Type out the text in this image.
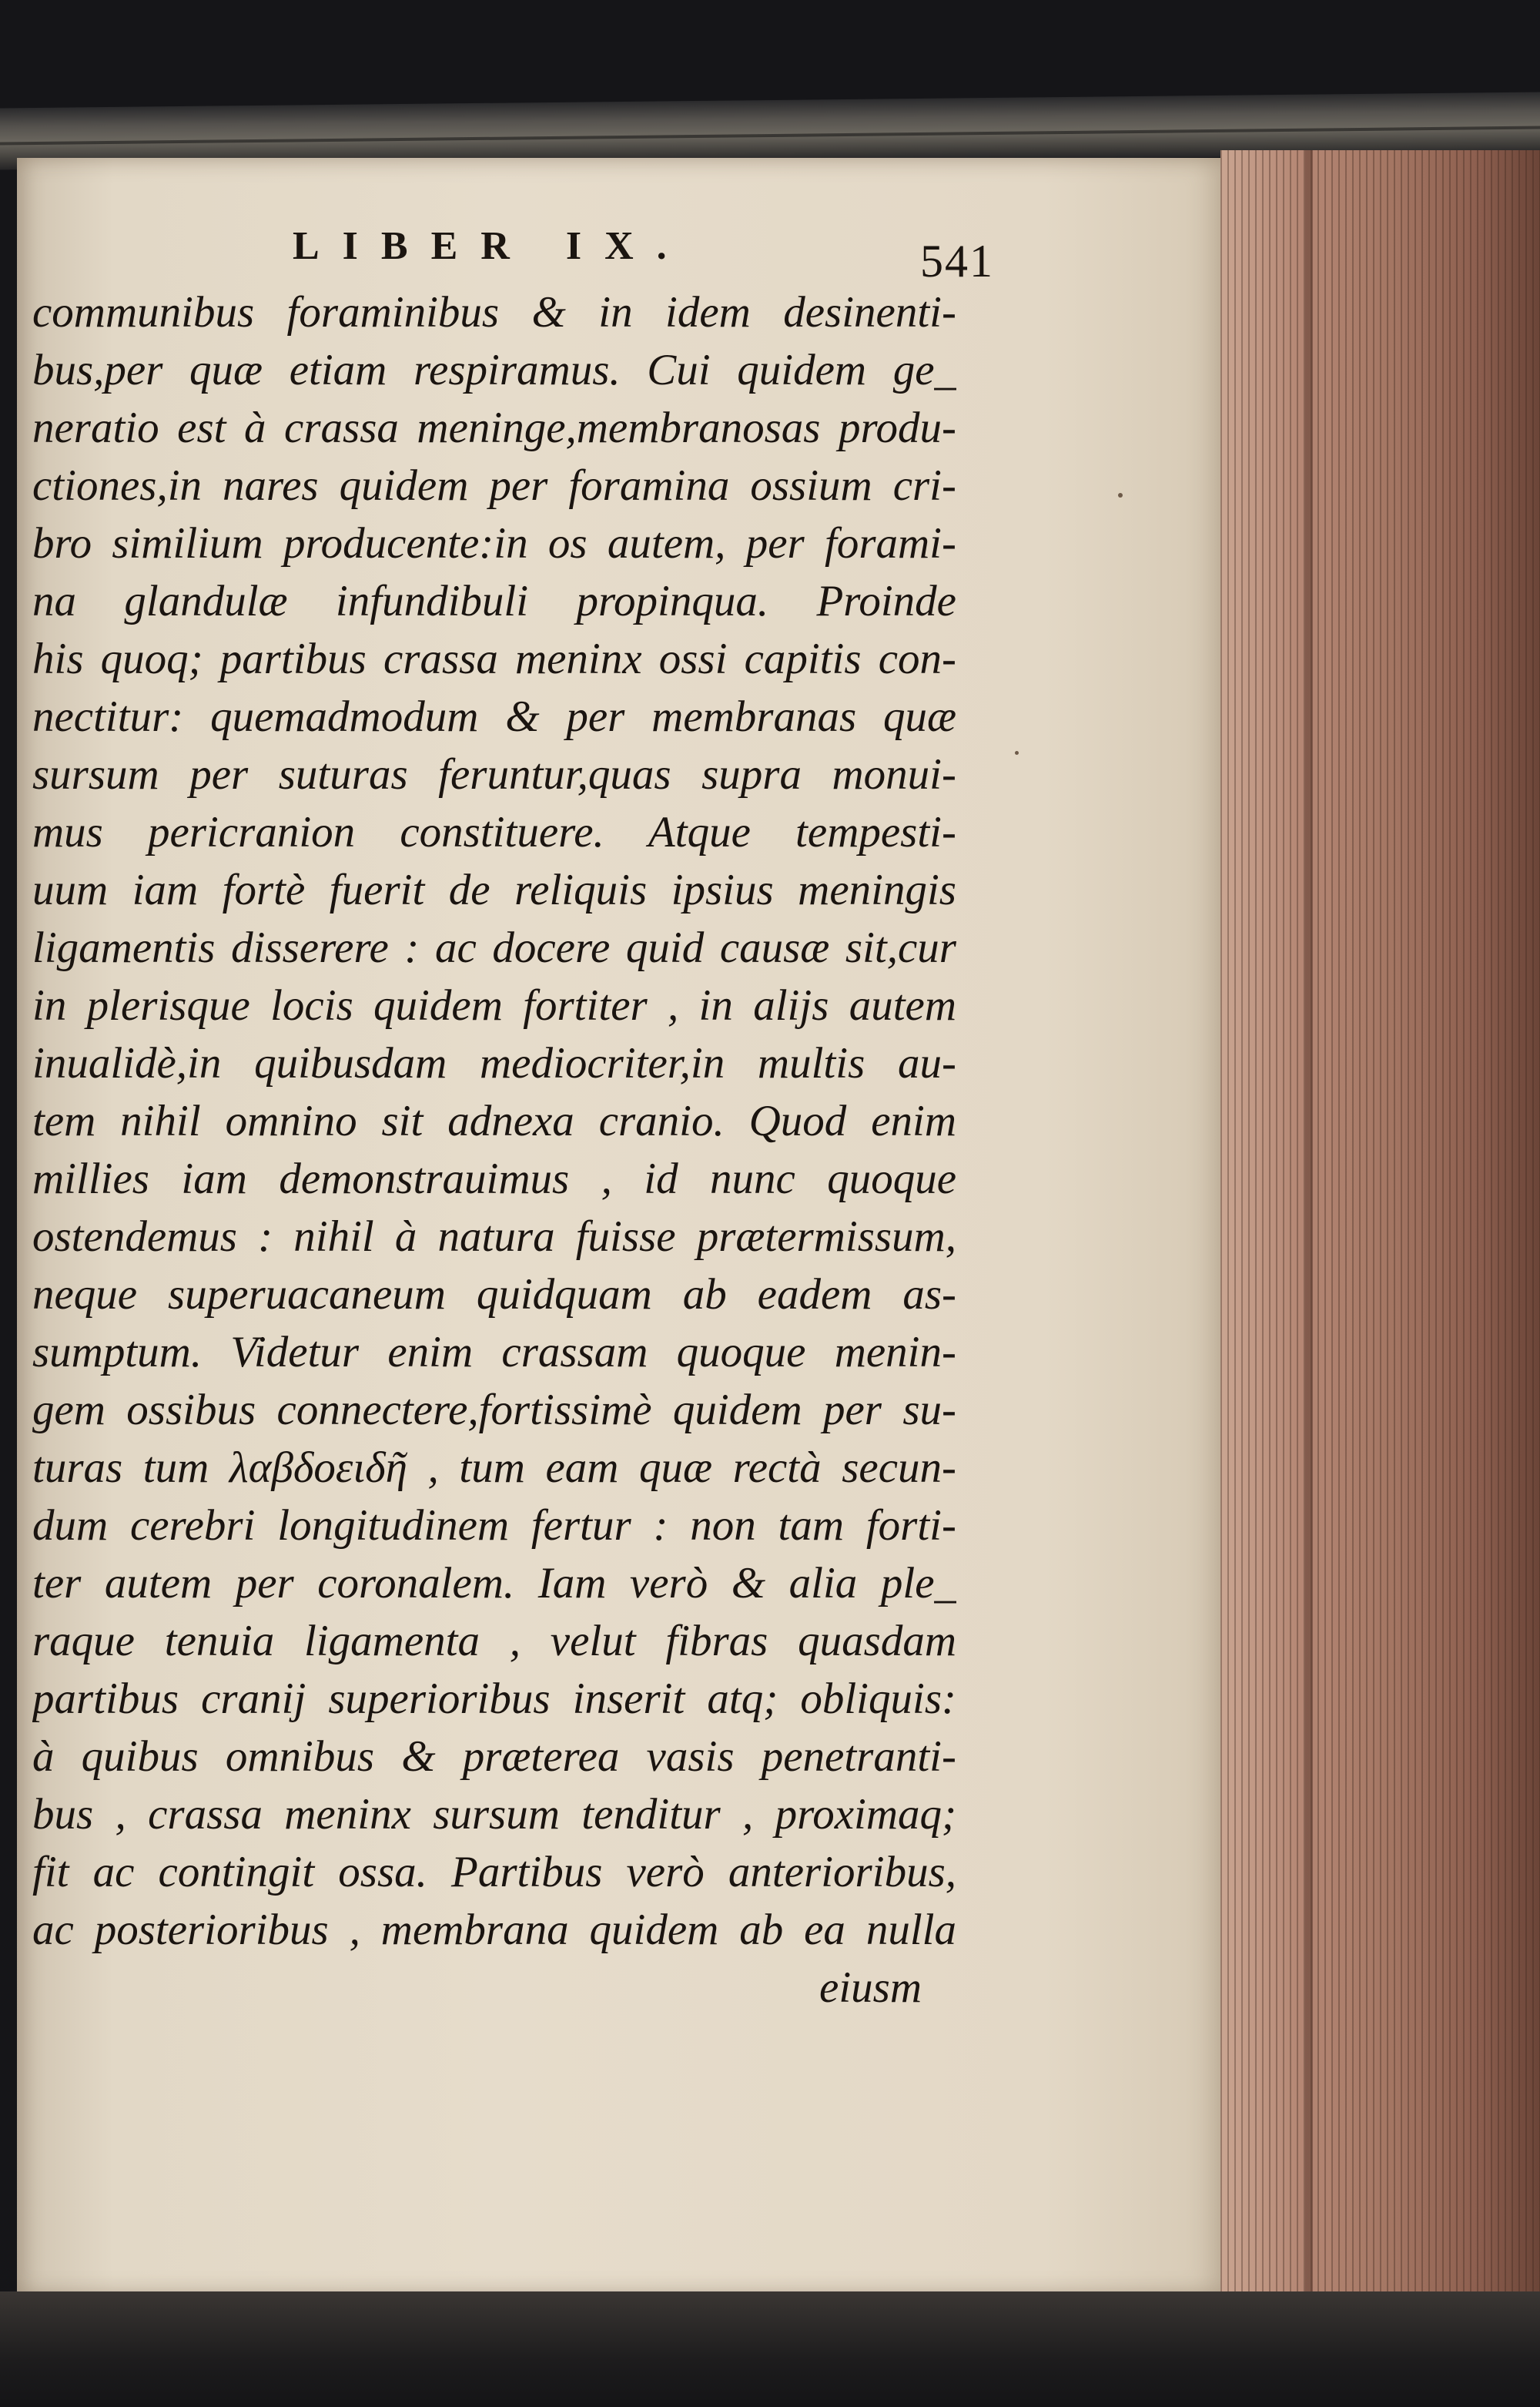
LIBER IX.	541
communibus foraminibus & in idem desinenti-
bus,per quæ etiam respiramus. Cui quidem ge_
neratio est à crassa meninge,membranosas produ-
ctiones,in nares quidem per foramina ossium cri-
bro similium producente:in os autem, per forami-
na glandulæ infundibuli propinqua. Proinde
his quoq; partibus crassa meninx ossi capitis con-
nectitur: quemadmodum & per membranas quæ
sursum per suturas feruntur,quas supra monui-
mus pericranion constituere. Atque tempesti-
uum iam fortè fuerit de reliquis ipsius meningis
ligamentis disserere : ac docere quid causæ sit,cur
in plerisque locis quidem fortiter , in alijs autem
inualidè,in quibusdam mediocriter,in multis au-
tem nihil omnino sit adnexa cranio. Quod enim
millies iam demonstrauimus , id nunc quoque
ostendemus : nihil à natura fuisse prætermissum,
neque superuacaneum quidquam ab eadem as-
sumptum. Videtur enim crassam quoque menin-
gem ossibus connectere,fortissimè quidem per su-
turas tum λαβδοειδῆ , tum eam quæ rectà secun-
dum cerebri longitudinem fertur : non tam forti-
ter autem per coronalem. Iam verò & alia ple_
raque tenuia ligamenta , velut fibras quasdam
partibus cranij superioribus inserit atq; obliquis:
à quibus omnibus & præterea vasis penetranti-
bus , crassa meninx sursum tenditur , proximaq;
fit ac contingit ossa. Partibus verò anterioribus,
ac posterioribus , membrana quidem ab ea nulla
eiusm
